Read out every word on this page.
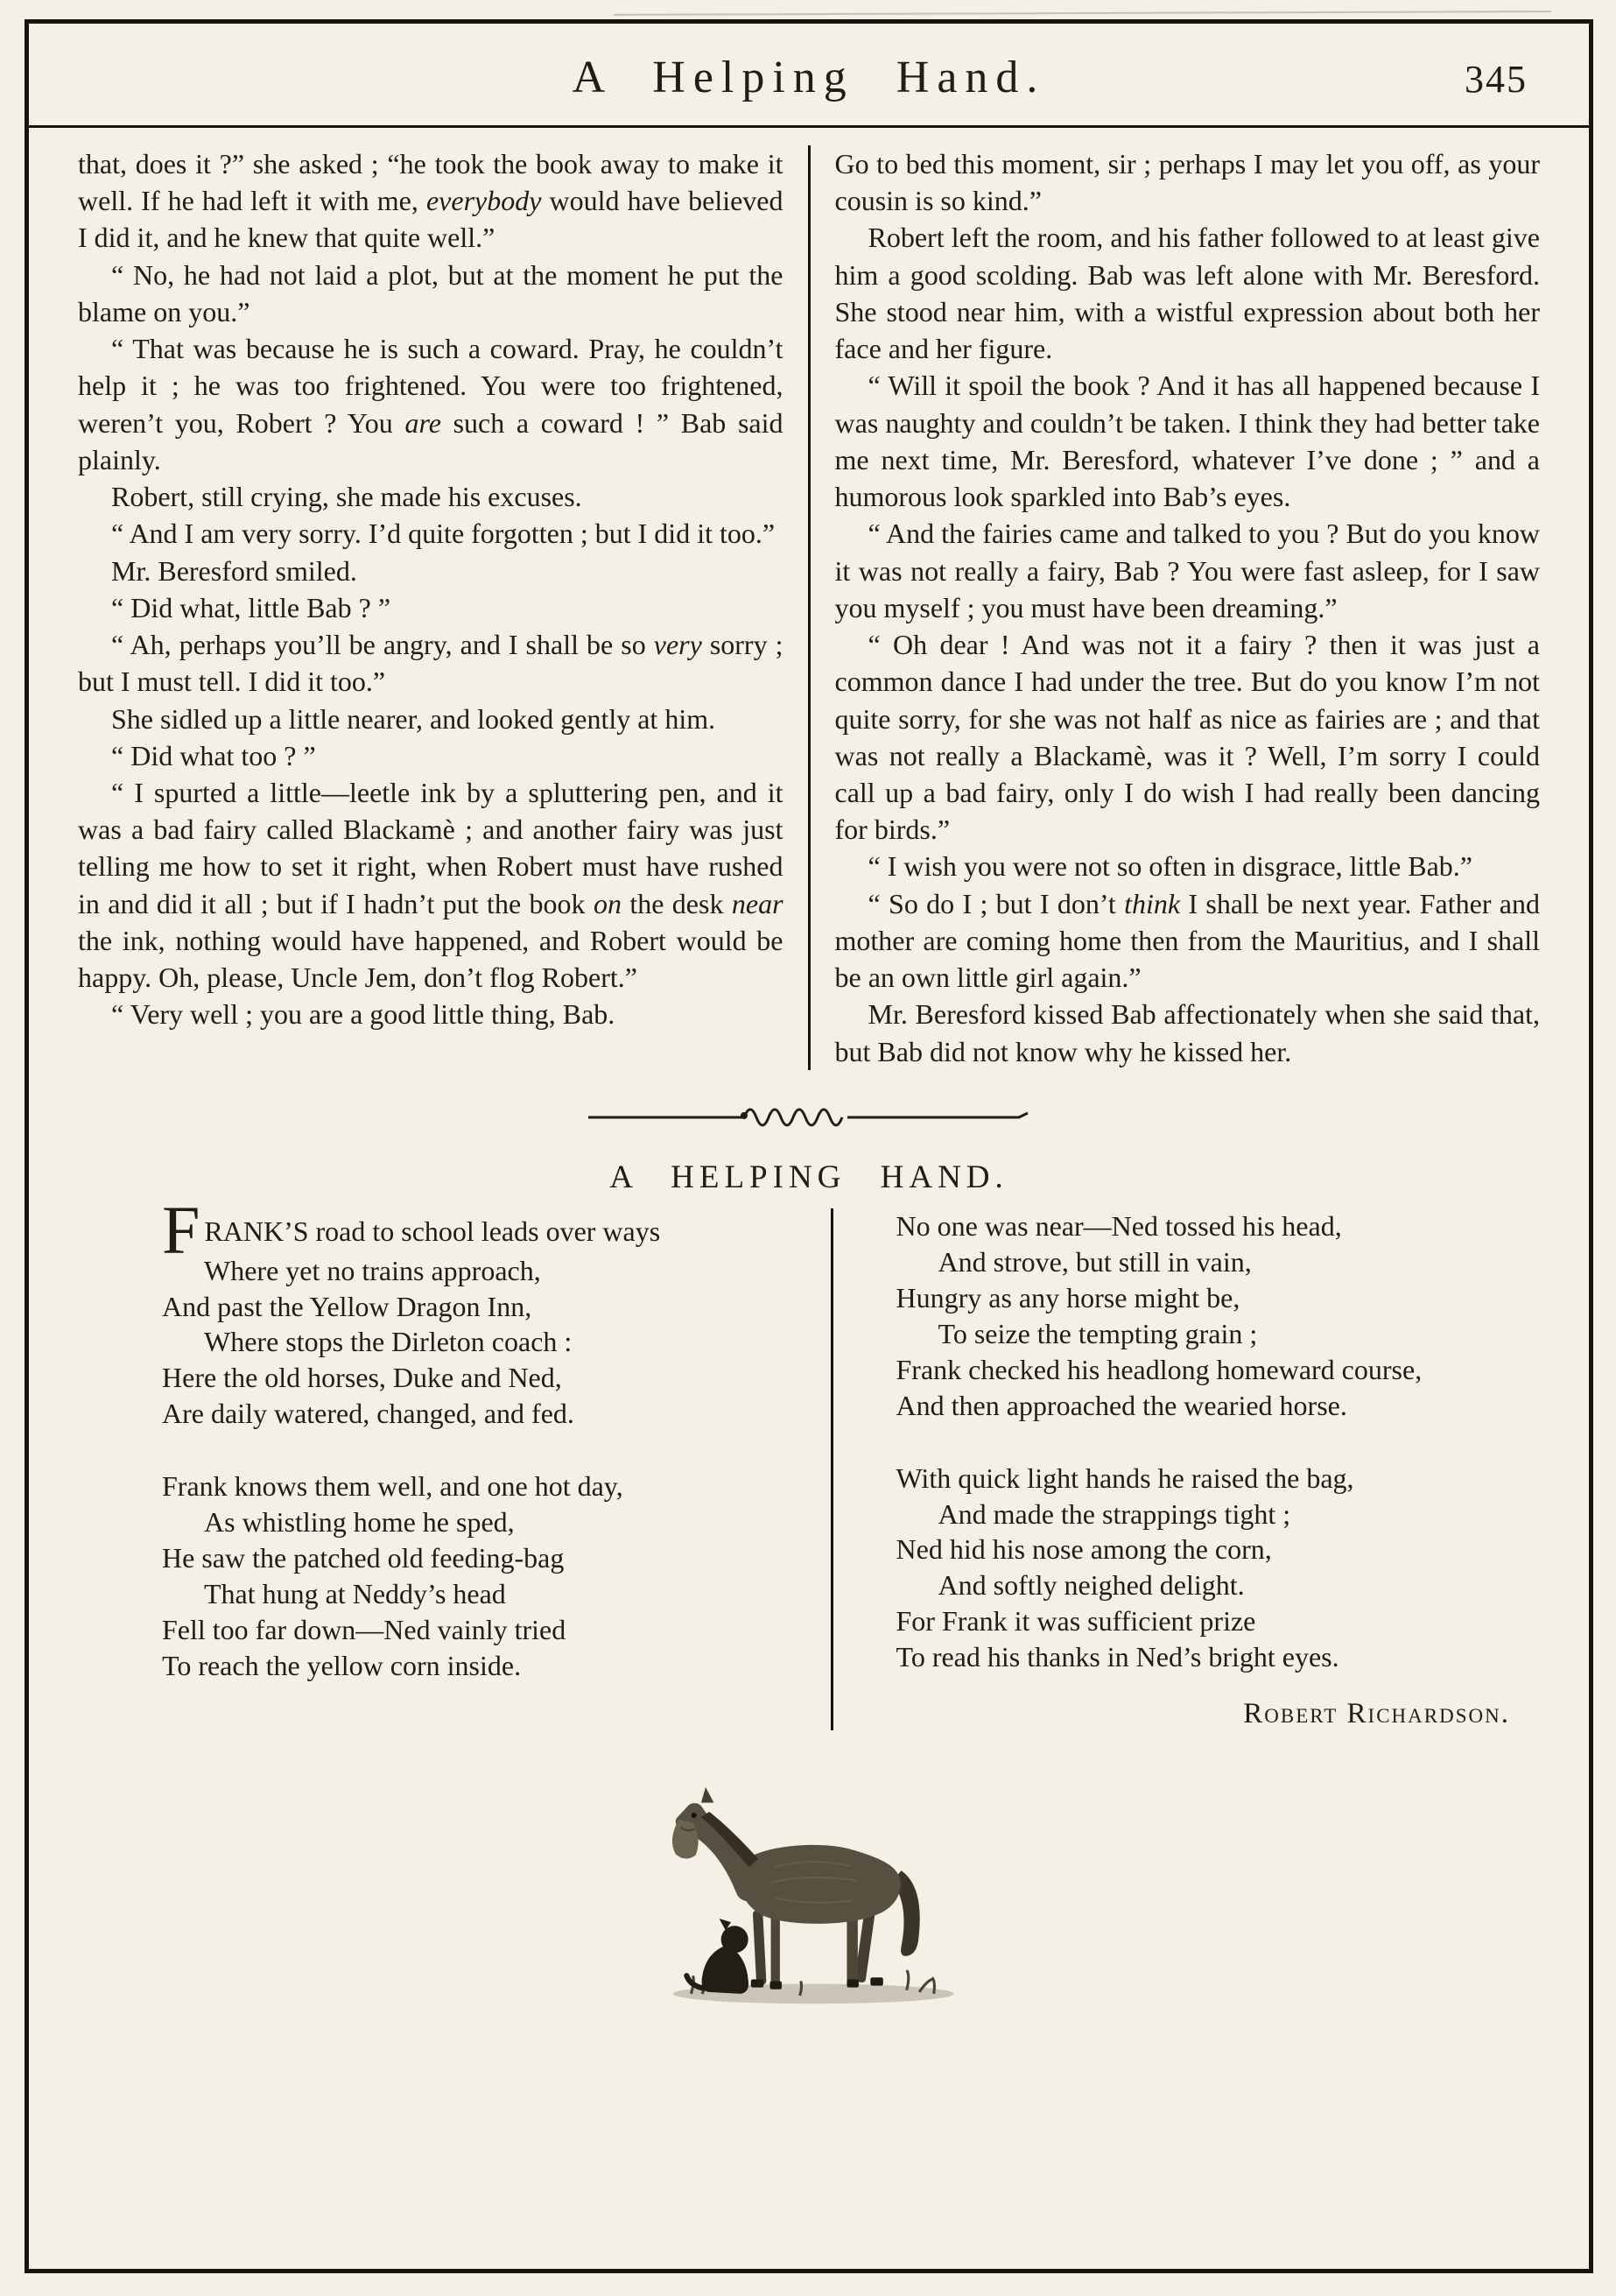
A Helping Hand.	345

that, does it ?” she asked ; “he took the book away to make it well. If he had left it with me, everybody would have believed I did it, and he knew that quite well.”

“ No, he had not laid a plot, but at the moment he put the blame on you.”

“ That was because he is such a coward. Pray, he couldn’t help it ; he was too frightened. You were too frightened, weren’t you, Robert ? You are such a coward ! ” Bab said plainly.

Robert, still crying, she made his excuses.

“ And I am very sorry. I’d quite forgotten ; but I did it too.”

Mr. Beresford smiled.

“ Did what, little Bab ? ”

“ Ah, perhaps you’ll be angry, and I shall be so very sorry ; but I must tell. I did it too.”

She sidled up a little nearer, and looked gently at him.

“ Did what too ? ”

“ I spurted a little—leetle ink by a spluttering pen, and it was a bad fairy called Blackamè ; and another fairy was just telling me how to set it right, when Robert must have rushed in and did it all ; but if I hadn’t put the book on the desk near the ink, nothing would have happened, and Robert would be happy. Oh, please, Uncle Jem, don’t flog Robert.”

“ Very well ; you are a good little thing, Bab.

Go to bed this moment, sir ; perhaps I may let you off, as your cousin is so kind.”

Robert left the room, and his father followed to at least give him a good scolding. Bab was left alone with Mr. Beresford. She stood near him, with a wistful expression about both her face and her figure.

“ Will it spoil the book ? And it has all happened because I was naughty and couldn’t be taken. I think they had better take me next time, Mr. Beresford, whatever I’ve done ; ” and a humorous look sparkled into Bab’s eyes.

“ And the fairies came and talked to you ? But do you know it was not really a fairy, Bab ? You were fast asleep, for I saw you myself ; you must have been dreaming.”

“ Oh dear ! And was not it a fairy ? then it was just a common dance I had under the tree. But do you know I’m not quite sorry, for she was not half as nice as fairies are ; and that was not really a Blackamè, was it ? Well, I’m sorry I could call up a bad fairy, only I do wish I had really been dancing for birds.”

“ I wish you were not so often in disgrace, little Bab.”

“ So do I ; but I don’t think I shall be next year. Father and mother are coming home then from the Mauritius, and I shall be an own little girl again.”

Mr. Beresford kissed Bab affectionately when she said that, but Bab did not know why he kissed her.

A HELPING HAND.
FRANK’S road to school leads over ways
Where yet no trains approach,
And past the Yellow Dragon Inn,
Where stops the Dirleton coach :
Here the old horses, Duke and Ned,
Are daily watered, changed, and fed.
Frank knows them well, and one hot day,
As whistling home he sped,
He saw the patched old feeding-bag
That hung at Neddy’s head
Fell too far down—Ned vainly tried
To reach the yellow corn inside.
No one was near—Ned tossed his head,
And strove, but still in vain,
Hungry as any horse might be,
To seize the tempting grain ;
Frank checked his headlong homeward course,
And then approached the wearied horse.
With quick light hands he raised the bag,
And made the strappings tight ;
Ned hid his nose among the corn,
And softly neighed delight.
For Frank it was sufficient prize
To read his thanks in Ned’s bright eyes.
Robert Richardson.
